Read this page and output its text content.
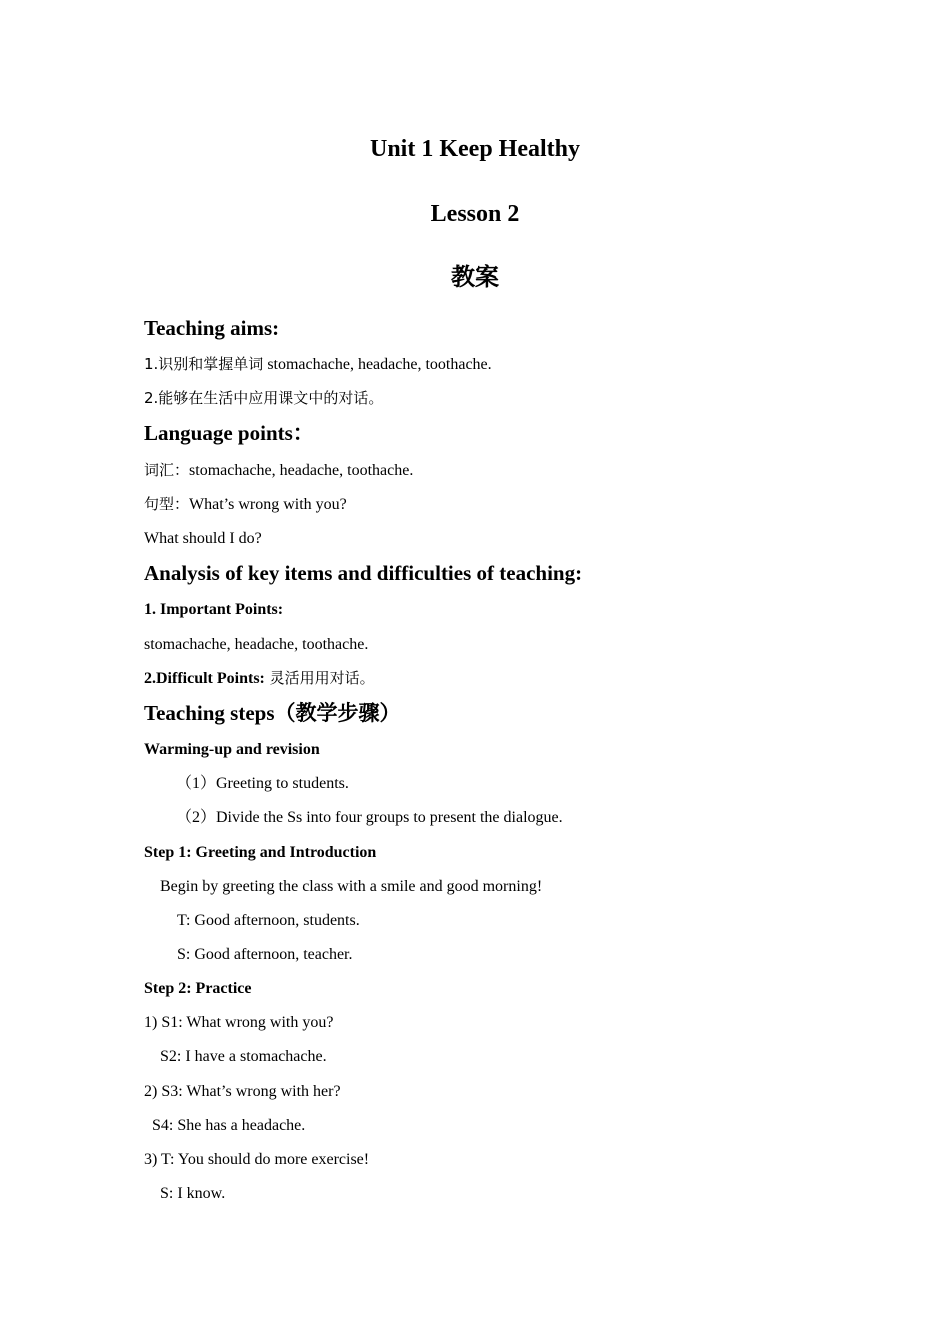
Unit 1 Keep Healthy
Lesson 2
教案
Teaching aims:
1.识别和掌握单词 stomachache, headache, toothache.
2.能够在生活中应用课文中的对话。
Language points：
词汇：stomachache, headache, toothache.
句型：What’s wrong with you?
What should I do?
Analysis of key items and difficulties of teaching:
1. Important Points:
stomachache, headache, toothache.
2.Difficult Points: 灵活用用对话。
Teaching steps（教学步骤）
Warming-up and revision
（1）Greeting to students.
（2）Divide the Ss into four groups to present the dialogue.
Step 1: Greeting and Introduction
Begin by greeting the class with a smile and good morning!
T: Good afternoon, students.
S: Good afternoon, teacher.
Step 2: Practice
1) S1: What wrong with you?
S2: I have a stomachache.
2) S3: What’s wrong with her?
S4: She has a headache.
3) T: You should do more exercise!
S: I know.
